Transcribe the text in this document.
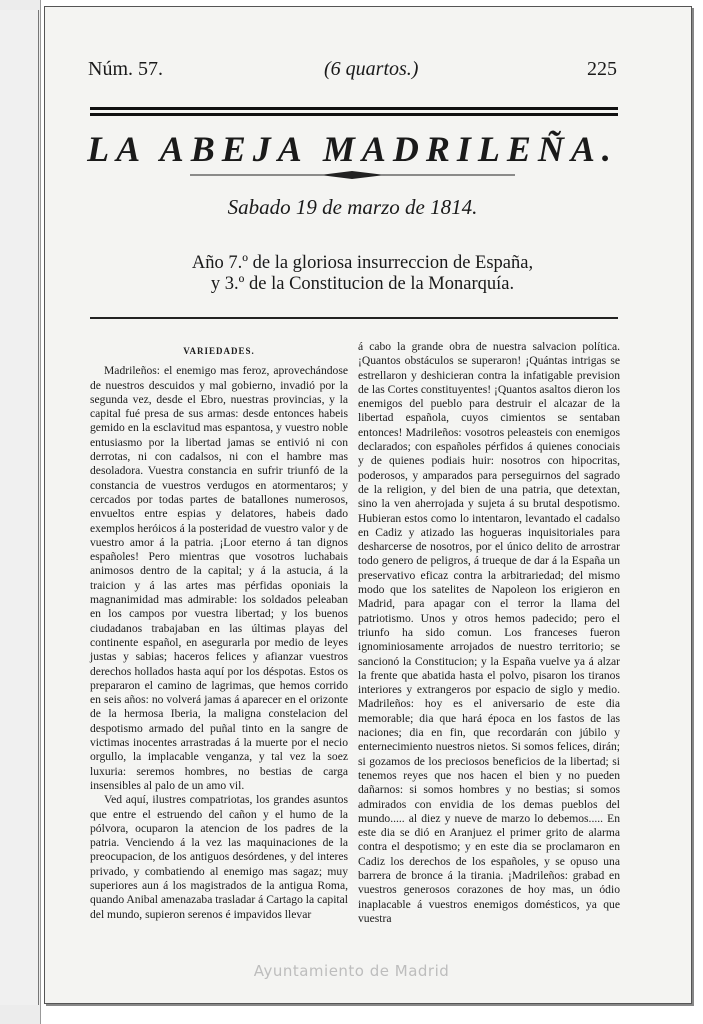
Núm. 57.	(6 quartos.)	225
LA ABEJA MADRILEÑA.
Sabado 19 de marzo de 1814.
Año 7.º de la gloriosa insurreccion de España,
y 3.º de la Constitucion de la Monarquía.
VARIEDADES.

Madrileños: el enemigo mas feroz, aprovechándose de nuestros descuidos y mal gobierno, invadió por la segunda vez, desde el Ebro, nuestras provincias, y la capital fué presa de sus armas: desde entonces habeis gemido en la esclavitud mas espantosa, y vuestro noble entusiasmo por la libertad jamas se entivió ni con derrotas, ni con cadalsos, ni con el hambre mas desoladora. Vuestra constancia en sufrir triunfó de la constancia de vuestros verdugos en atormentaros; y cercados por todas partes de batallones numerosos, envueltos entre espias y delatores, habeis dado exemplos heróicos á la posteridad de vuestro valor y de vuestro amor á la patria. ¡Loor eterno á tan dignos españoles! Pero mientras que vosotros luchabais animosos dentro de la capital; y á la astucia, á la traicion y á las artes mas pérfidas oponiais la magnanimidad mas admirable: los soldados peleaban en los campos por vuestra libertad; y los buenos ciudadanos trabajaban en las últimas playas del continente español, en asegurarla por medio de leyes justas y sabias; haceros felices y afianzar vuestros derechos hollados hasta aquí por los déspotas. Estos os prepararon el camino de lagrimas, que hemos corrido en seis años: no volverá jamas á aparecer en el orizonte de la hermosa Iberia, la maligna constelacion del despotismo armado del puñal tinto en la sangre de victimas inocentes arrastradas á la muerte por el necio orgullo, la implacable venganza, y tal vez la soez luxuria: seremos hombres, no bestias de carga insensibles al palo de un amo vil.

Ved aquí, ilustres compatriotas, los grandes asuntos que entre el estruendo del cañon y el humo de la pólvora, ocuparon la atencion de los padres de la patria. Venciendo á la vez las maquinaciones de la preocupacion, de los antiguos desórdenes, y del interes privado, y combatiendo al enemigo mas sagaz; muy superiores aun á los magistrados de la antigua Roma, quando Anibal amenazaba trasladar á Cartago la capital del mundo, supieron serenos é impavidos llevar

á cabo la grande obra de nuestra salvacion política. ¡Quantos obstáculos se superaron! ¡Quántas intrigas se estrellaron y deshicieran contra la infatigable prevision de las Cortes constituyentes! ¡Quantos asaltos dieron los enemigos del pueblo para destruir el alcazar de la libertad española, cuyos cimientos se sentaban entonces! Madrileños: vosotros peleasteis con enemigos declarados; con españoles pérfidos á quienes conociais y de quienes podiais huir: nosotros con hipocritas, poderosos, y amparados para perseguirnos del sagrado de la religion, y del bien de una patria, que detextan, sino la ven aherrojada y sujeta á su brutal despotismo. Hubieran estos como lo intentaron, levantado el cadalso en Cadiz y atizado las hogueras inquisitoriales para desharcerse de nosotros, por el único delito de arrostrar todo genero de peligros, á trueque de dar á la España un preservativo eficaz contra la arbitrariedad; del mismo modo que los satelites de Napoleon los erigieron en Madrid, para apagar con el terror la llama del patriotismo. Unos y otros hemos padecido; pero el triunfo ha sido comun. Los franceses fueron ignominiosamente arrojados de nuestro territorio; se sancionó la Constitucion; y la España vuelve ya á alzar la frente que abatida hasta el polvo, pisaron los tiranos interiores y extrangeros por espacio de siglo y medio. Madrileños: hoy es el aniversario de este dia memorable; dia que hará época en los fastos de las naciones; dia en fin, que recordarán con júbilo y enternecimiento nuestros nietos. Si somos felices, dirán; si gozamos de los preciosos beneficios de la libertad; si tenemos reyes que nos hacen el bien y no pueden dañarnos: si somos hombres y no bestias; si somos admirados con envidia de los demas pueblos del mundo..... al diez y nueve de marzo lo debemos..... En este dia se dió en Aranjuez el primer grito de alarma contra el despotismo; y en este dia se proclamaron en Cadiz los derechos de los españoles, y se opuso una barrera de bronce á la tirania. ¡Madrileños: grabad en vuestros generosos corazones de hoy mas, un ódio inaplacable á vuestros enemigos domésticos, ya que vuestra

Ayuntamiento de Madrid
